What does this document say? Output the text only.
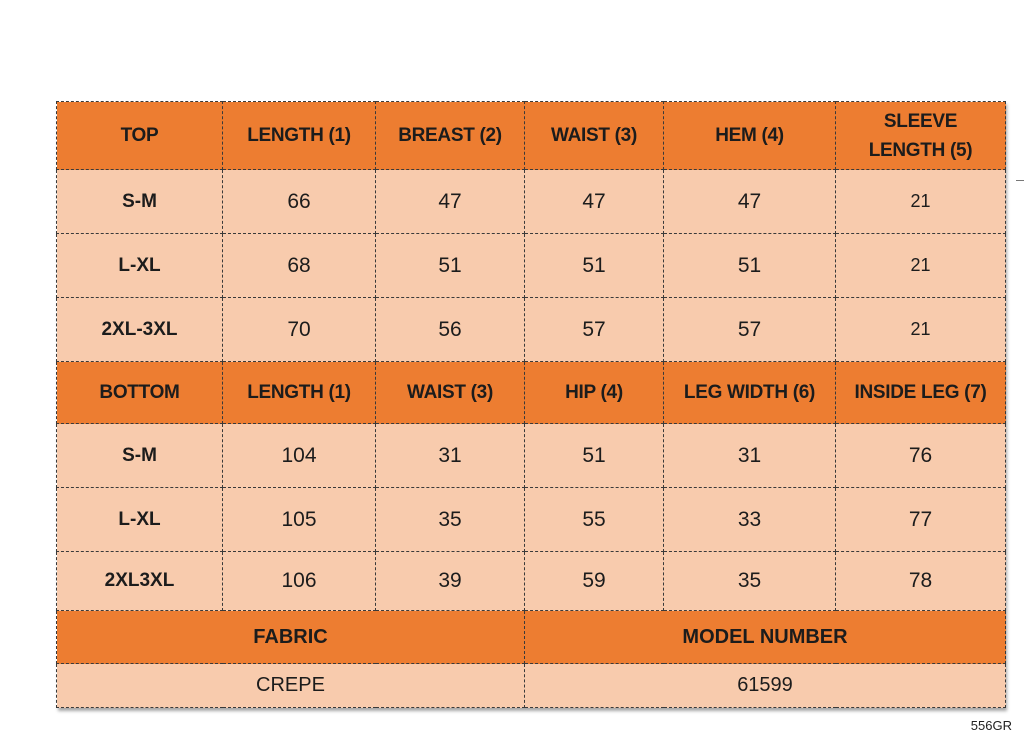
TOP	LENGTH (1)	BREAST (2)	WAIST (3)	HEM (4)	SLEEVE LENGTH (5)
S-M	66	47	47	47	21
L-XL	68	51	51	51	21
2XL-3XL	70	56	57	57	21
BOTTOM	LENGTH (1)	WAIST (3)	HIP (4)	LEG WIDTH (6)	INSIDE LEG (7)
S-M	104	31	51	31	76
L-XL	105	35	55	33	77
2XL3XL	106	39	59	35	78
FABRIC			MODEL NUMBER		
CREPE			61599		
556GR
